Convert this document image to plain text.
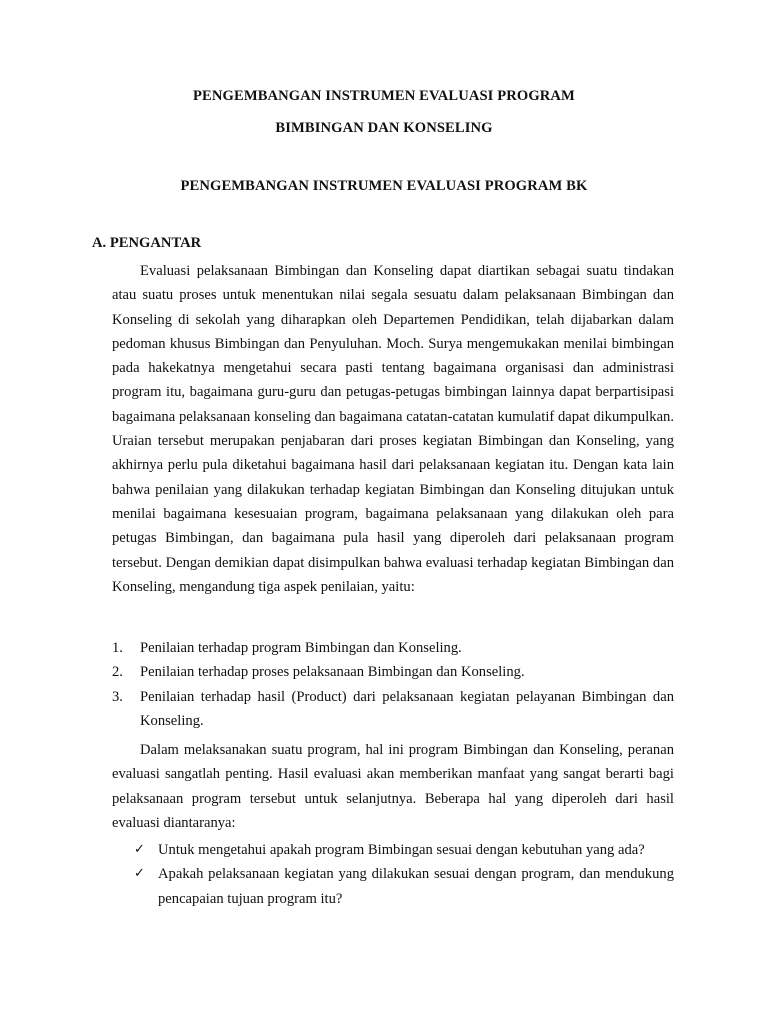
PENGEMBANGAN INSTRUMEN EVALUASI PROGRAM
BIMBINGAN DAN KONSELING
PENGEMBANGAN INSTRUMEN EVALUASI PROGRAM BK
A. PENGANTAR

Evaluasi pelaksanaan Bimbingan dan Konseling dapat diartikan sebagai suatu tindakan atau suatu proses untuk menentukan nilai segala sesuatu dalam pelaksanaan Bimbingan dan Konseling di sekolah yang diharapkan oleh Departemen Pendidikan, telah dijabarkan dalam pedoman khusus Bimbingan dan Penyuluhan. Moch. Surya mengemukakan menilai bimbingan pada hakekatnya mengetahui secara pasti tentang bagaimana organisasi dan administrasi program itu, bagaimana guru-guru dan petugas-petugas bimbingan lainnya dapat berpartisipasi bagaimana pelaksanaan konseling dan bagaimana catatan-catatan kumulatif dapat dikumpulkan. Uraian tersebut merupakan penjabaran dari proses kegiatan Bimbingan dan Konseling, yang akhirnya perlu pula diketahui bagaimana hasil dari pelaksanaan kegiatan itu. Dengan kata lain bahwa penilaian yang dilakukan terhadap kegiatan Bimbingan dan Konseling ditujukan untuk menilai bagaimana kesesuaian program, bagaimana pelaksanaan yang dilakukan oleh para petugas Bimbingan, dan bagaimana pula hasil yang diperoleh dari pelaksanaan program tersebut. Dengan demikian dapat disimpulkan bahwa evaluasi terhadap kegiatan Bimbingan dan Konseling, mengandung tiga aspek penilaian, yaitu:

1. Penilaian terhadap program Bimbingan dan Konseling.
2. Penilaian terhadap proses pelaksanaan Bimbingan dan Konseling.
3. Penilaian terhadap hasil (Product) dari pelaksanaan kegiatan pelayanan Bimbingan dan Konseling.

Dalam melaksanakan suatu program, hal ini program Bimbingan dan Konseling, peranan evaluasi sangatlah penting. Hasil evaluasi akan memberikan manfaat yang sangat berarti bagi pelaksanaan program tersebut untuk selanjutnya. Beberapa hal yang diperoleh dari hasil evaluasi diantaranya:

✓ Untuk mengetahui apakah program Bimbingan sesuai dengan kebutuhan yang ada?
✓ Apakah pelaksanaan kegiatan yang dilakukan sesuai dengan program, dan mendukung pencapaian tujuan program itu?
